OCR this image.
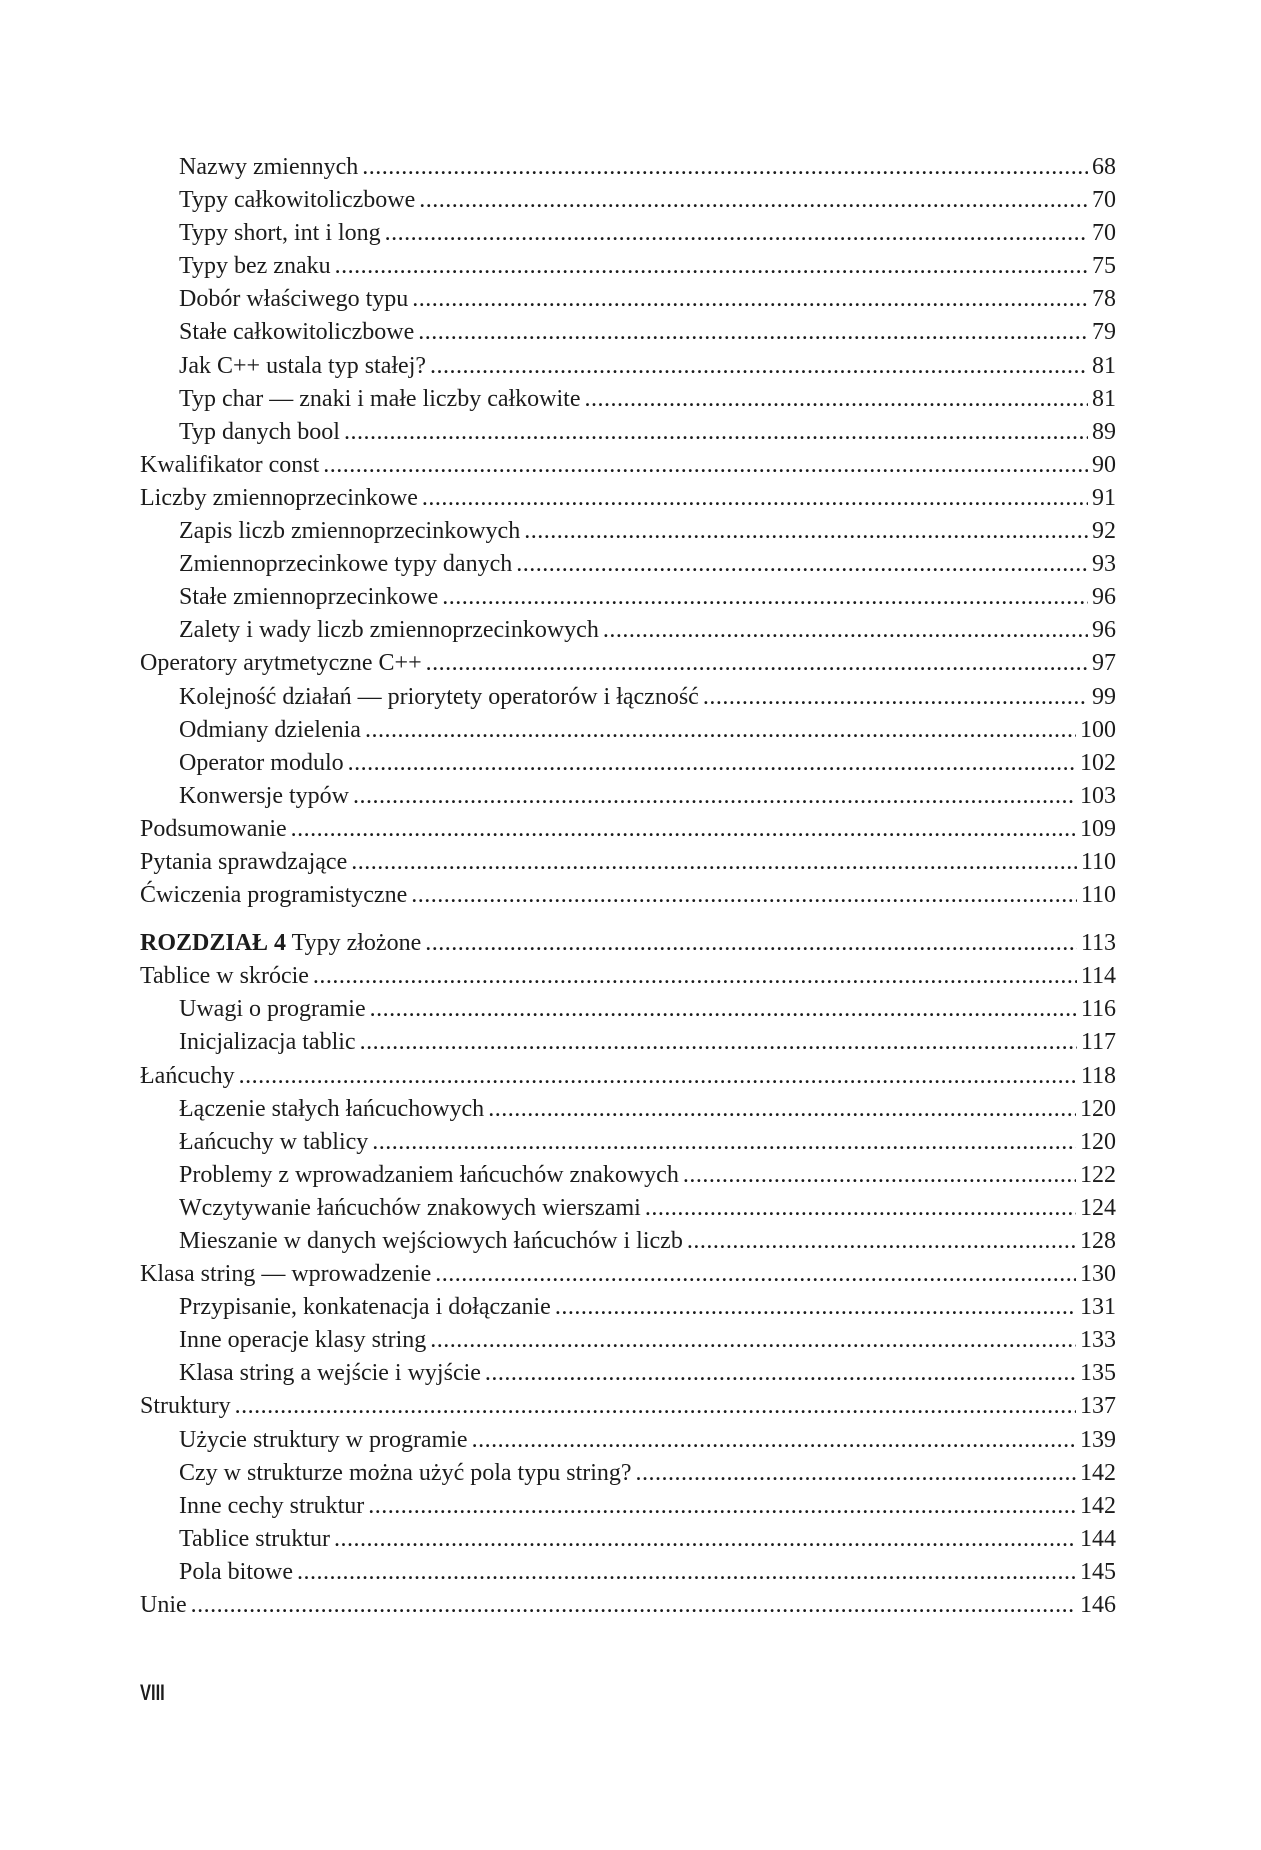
Nazwy zmiennych .....	68
Typy całkowitoliczbowe .....	70
Typy short, int i long .....	70
Typy bez znaku .....	75
Dobór właściwego typu .....	78
Stałe całkowitoliczbowe .....	79
Jak C++ ustala typ stałej? .....	81
Typ char — znaki i małe liczby całkowite .....	81
Typ danych bool .....	89
Kwalifikator const .....	90
Liczby zmiennoprzecinkowe .....	91
Zapis liczb zmiennoprzecinkowych .....	92
Zmiennoprzecinkowe typy danych .....	93
Stałe zmiennoprzecinkowe .....	96
Zalety i wady liczb zmiennoprzecinkowych .....	96
Operatory arytmetyczne C++ .....	97
Kolejność działań — priorytety operatorów i łączność .....	99
Odmiany dzielenia .....	100
Operator modulo .....	102
Konwersje typów .....	103
Podsumowanie .....	109
Pytania sprawdzające .....	110
Ćwiczenia programistyczne .....	110
ROZDZIAŁ 4 Typy złożone .....	113
Tablice w skrócie .....	114
Uwagi o programie .....	116
Inicjalizacja tablic .....	117
Łańcuchy .....	118
Łączenie stałych łańcuchowych .....	120
Łańcuchy w tablicy .....	120
Problemy z wprowadzaniem łańcuchów znakowych .....	122
Wczytywanie łańcuchów znakowych wierszami .....	124
Mieszanie w danych wejściowych łańcuchów i liczb .....	128
Klasa string — wprowadzenie .....	130
Przypisanie, konkatenacja i dołączanie .....	131
Inne operacje klasy string .....	133
Klasa string a wejście i wyjście .....	135
Struktury .....	137
Użycie struktury w programie .....	139
Czy w strukturze można użyć pola typu string? .....	142
Inne cechy struktur .....	142
Tablice struktur .....	144
Pola bitowe .....	145
Unie .....	146
VIII
